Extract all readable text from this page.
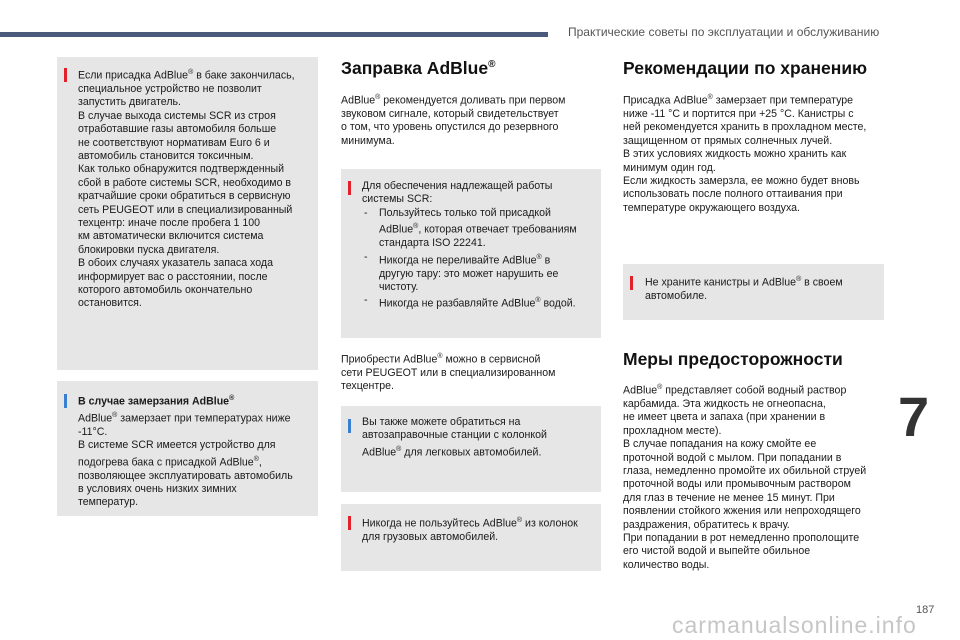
Практические советы по эксплуатации и обслуживанию

Если присадка AdBlue® в баке закончилась,

специальное устройство не позволит

запустить двигатель.

В случае выхода системы SCR из строя

отработавшие газы автомобиля больше

не соответствуют нормативам Euro 6 и

автомобиль становится токсичным.

Как только обнаружится подтвержденный

сбой в работе системы SCR, необходимо в

кратчайшие сроки обратиться в сервисную

сеть PEUGEOT или в специализированный

техцентр: иначе после пробега 1 100

км автоматически включится система

блокировки пуска двигателя.

В обоих случаях указатель запаса хода

информирует вас о расстоянии, после

которого автомобиль окончательно

остановится.

В случае замерзания AdBlue®

AdBlue® замерзает при температурах ниже

-11°C.

В системе SCR имеется устройство для

подогрева бака с присадкой AdBlue®,

позволяющее эксплуатировать автомобиль

в условиях очень низких зимних

температур.

Заправка AdBlue®

AdBlue® рекомендуется доливать при первом

звуковом сигнале, который свидетельствует

о том, что уровень опустился до резервного

минимума.

Для обеспечения надлежащей работы

системы SCR:

- Пользуйтесь только той присадкой
AdBlue®, которая отвечает требованиям
стандарта ISO 22241.
- Никогда не переливайте AdBlue® в
другую тару: это может нарушить ее
чистоту.
- Никогда не разбавляйте AdBlue® водой.

Приобрести AdBlue® можно в сервисной

сети PEUGEOT или в специализированном

техцентре.

Вы также можете обратиться на

автозаправочные станции с колонкой

AdBlue® для легковых автомобилей.

Никогда не пользуйтесь AdBlue® из колонок

для грузовых автомобилей.

Рекомендации по хранению

Присадка AdBlue® замерзает при температуре

ниже -11 °C и портится при +25 °C. Канистры с

ней рекомендуется хранить в прохладном месте,

защищенном от прямых солнечных лучей.

В этих условиях жидкость можно хранить как

минимум один год.

Если жидкость замерзла, ее можно будет вновь

использовать после полного оттаивания при

температуре окружающего воздуха.

Не храните канистры и AdBlue® в своем

автомобиле.

Меры предосторожности

AdBlue® представляет собой водный раствор

карбамида. Эта жидкость не огнеопасна,

не имеет цвета и запаха (при хранении в

прохладном месте).

В случае попадания на кожу смойте ее

проточной водой с мылом. При попадании в

глаза, немедленно промойте их обильной струей

проточной воды или промывочным раствором

для глаз в течение не менее 15 минут. При

появлении стойкого жжения или непроходящего

раздражения, обратитесь к врачу.

При попадании в рот немедленно прополощите

его чистой водой и выпейте обильное

количество воды.

7
187
carmanualsonline.info
